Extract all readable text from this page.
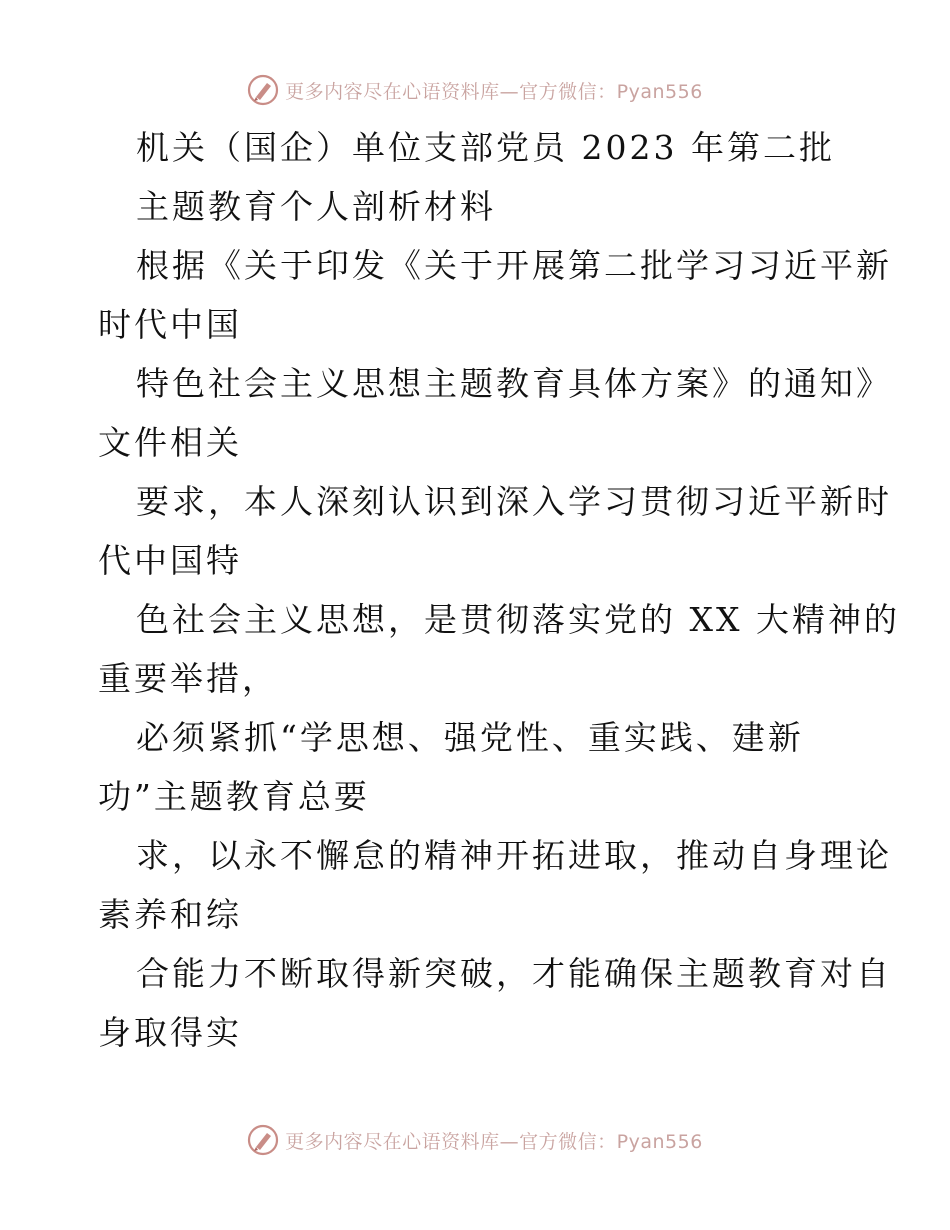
更多内容尽在心语资料库—官方微信：Pyan556
机关（国企）单位支部党员 2023 年第二批
主题教育个人剖析材料
根据《关于印发《关于开展第二批学习习近平新
时代中国
特色社会主义思想主题教育具体方案》的通知》
文件相关
要求，本人深刻认识到深入学习贯彻习近平新时
代中国特
色社会主义思想，是贯彻落实党的 XX 大精神的
重要举措，
必须紧抓“学思想、强党性、重实践、建新
功”主题教育总要
求，以永不懈怠的精神开拓进取，推动自身理论
素养和综
合能力不断取得新突破，才能确保主题教育对自
身取得实
更多内容尽在心语资料库—官方微信：Pyan556
